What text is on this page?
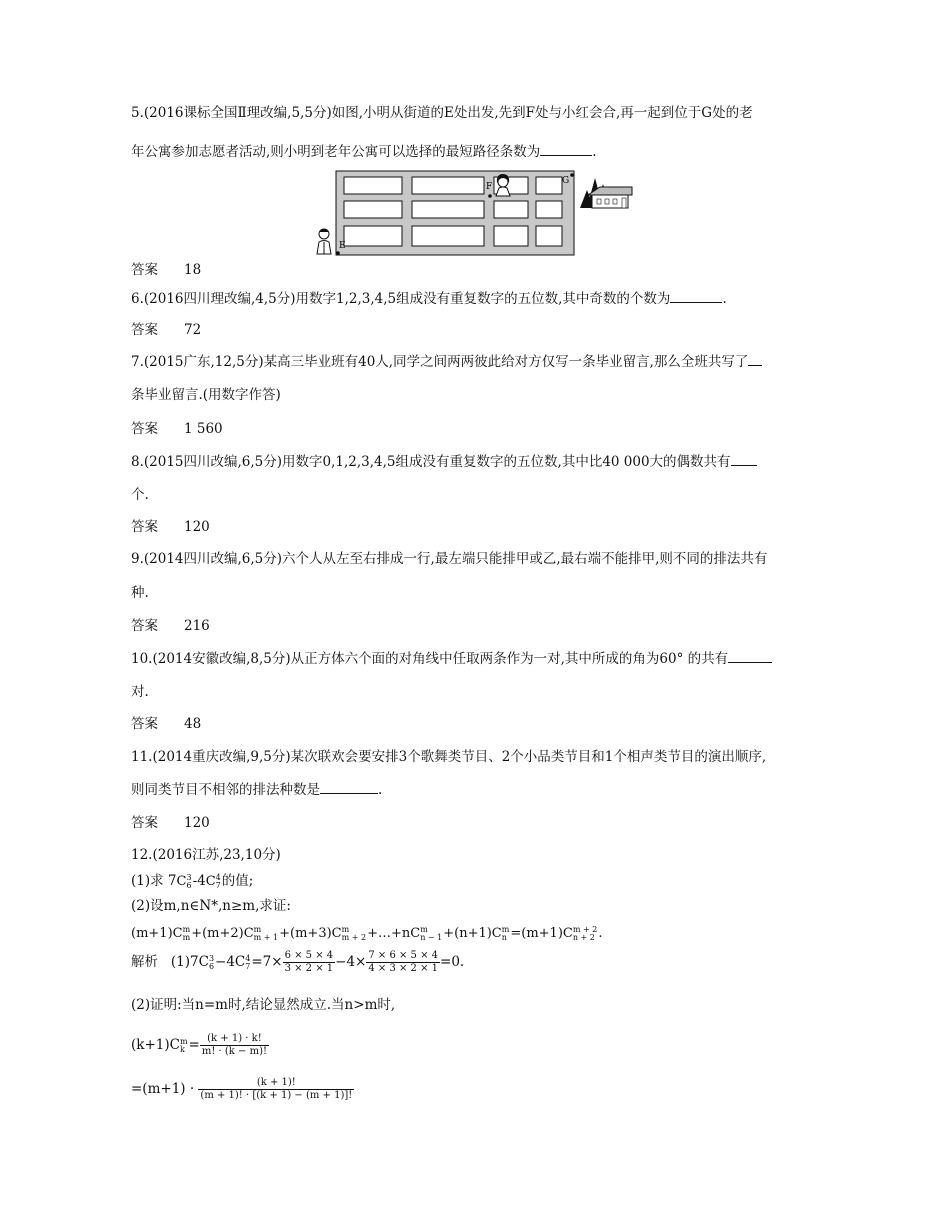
5.(2016课标全国Ⅱ理改编,5,5分)如图,小明从街道的E处出发,先到F处与小红会合,再一起到位于G处的老
年公寓参加志愿者活动,则小明到老年公寓可以选择的最短路径条数为	.
E
F
G
答案 18
6.(2016四川理改编,4,5分)用数字1,2,3,4,5组成没有重复数字的五位数,其中奇数的个数为	.
答案 72
7.(2015广东,12,5分)某高三毕业班有40人,同学之间两两彼此给对方仅写一条毕业留言,那么全班共写了
条毕业留言.(用数字作答)
答案 1 560
8.(2015四川改编,6,5分)用数字0,1,2,3,4,5组成没有重复数字的五位数,其中比40 000大的偶数共有
个.
答案 120
9.(2014四川改编,6,5分)六个人从左至右排成一行,最左端只能排甲或乙,最右端不能排甲,则不同的排法共有
种.
答案 216
10.(2014安徽改编,8,5分)从正方体六个面的对角线中任取两条作为一对,其中所成的角为60° 的共有
对.
答案 48
11.(2014重庆改编,9,5分)某次联欢会要安排3个歌舞类节目、2个小品类节目和1个相声类节目的演出顺序,
则同类节目不相邻的排法种数是	.
答案 120
12.(2016江苏,23,10分)
(1)求 7C 3
6 -4C 4
7 的值;
(2)设m,n∈N*,n≥m,求证:
(m+1)C m
m +(m+2)C m
m + 1 +(m+3)C m
m + 2 +…+nC m
n − 1 +(n+1)C m
n =(m+1)C m + 2
n + 2 .
解析 (1)7C 3
6 −4C 4
$7 =7\times \frac{6 \times 5 \times 4}{3 \times 2 \times 1} -4\times \frac{7 \times 6 \times 5 \times 4}{4 \times 3 \times 2 \times 1} =0$.
(2)证明:当n=m时,结论显然成立.当n>m时,
(k+1)C m
$k = \frac{(k + 1) \cdot k!}{m! \cdot (k - m)!}$
$=(m+1) \cdot \frac{(k + 1)!}{(m + 1)! \cdot [(k + 1) - (m + 1)]!}$
